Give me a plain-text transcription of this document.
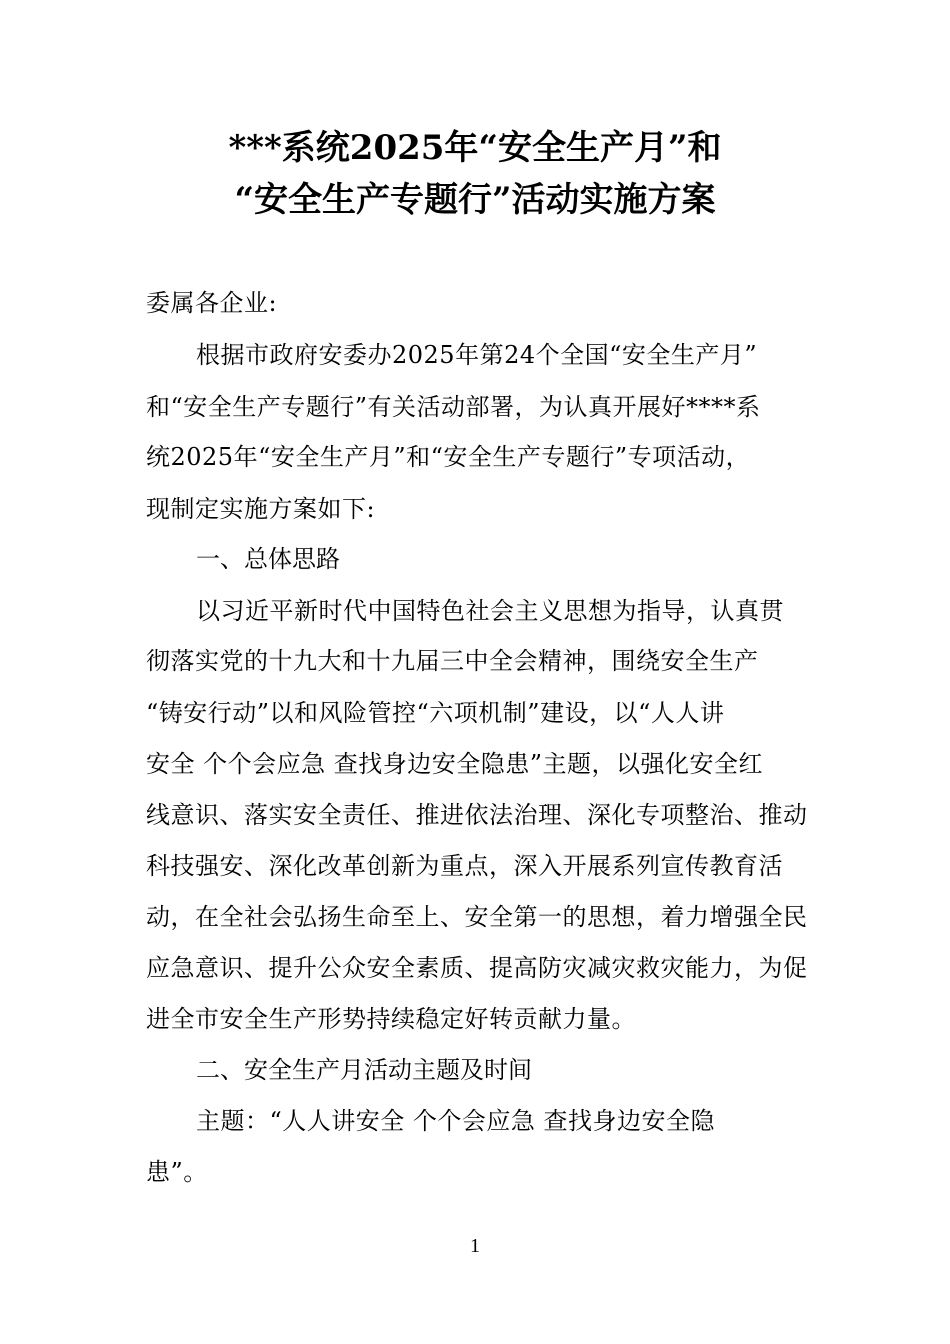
***系统2025年“安全生产月”和
“安全生产专题行”活动实施方案
委属各企业:
根据市政府安委办2025年第24个全国“安全生产月”
和“安全生产专题行”有关活动部署，为认真开展好****系
统2025年“安全生产月”和“安全生产专题行”专项活动，
现制定实施方案如下:
一、总体思路
以习近平新时代中国特色社会主义思想为指导，认真贯
彻落实党的十九大和十九届三中全会精神，围绕安全生产
“铸安行动”以和风险管控“六项机制”建设，以“人人讲
安全 个个会应急 查找身边安全隐患”主题，以强化安全红
线意识、落实安全责任、推进依法治理、深化专项整治、推动
科技强安、深化改革创新为重点，深入开展系列宣传教育活
动，在全社会弘扬生命至上、安全第一的思想，着力增强全民
应急意识、提升公众安全素质、提高防灾减灾救灾能力，为促
进全市安全生产形势持续稳定好转贡献力量。
二、安全生产月活动主题及时间
主题：“人人讲安全 个个会应急 查找身边安全隐
患”。
1
